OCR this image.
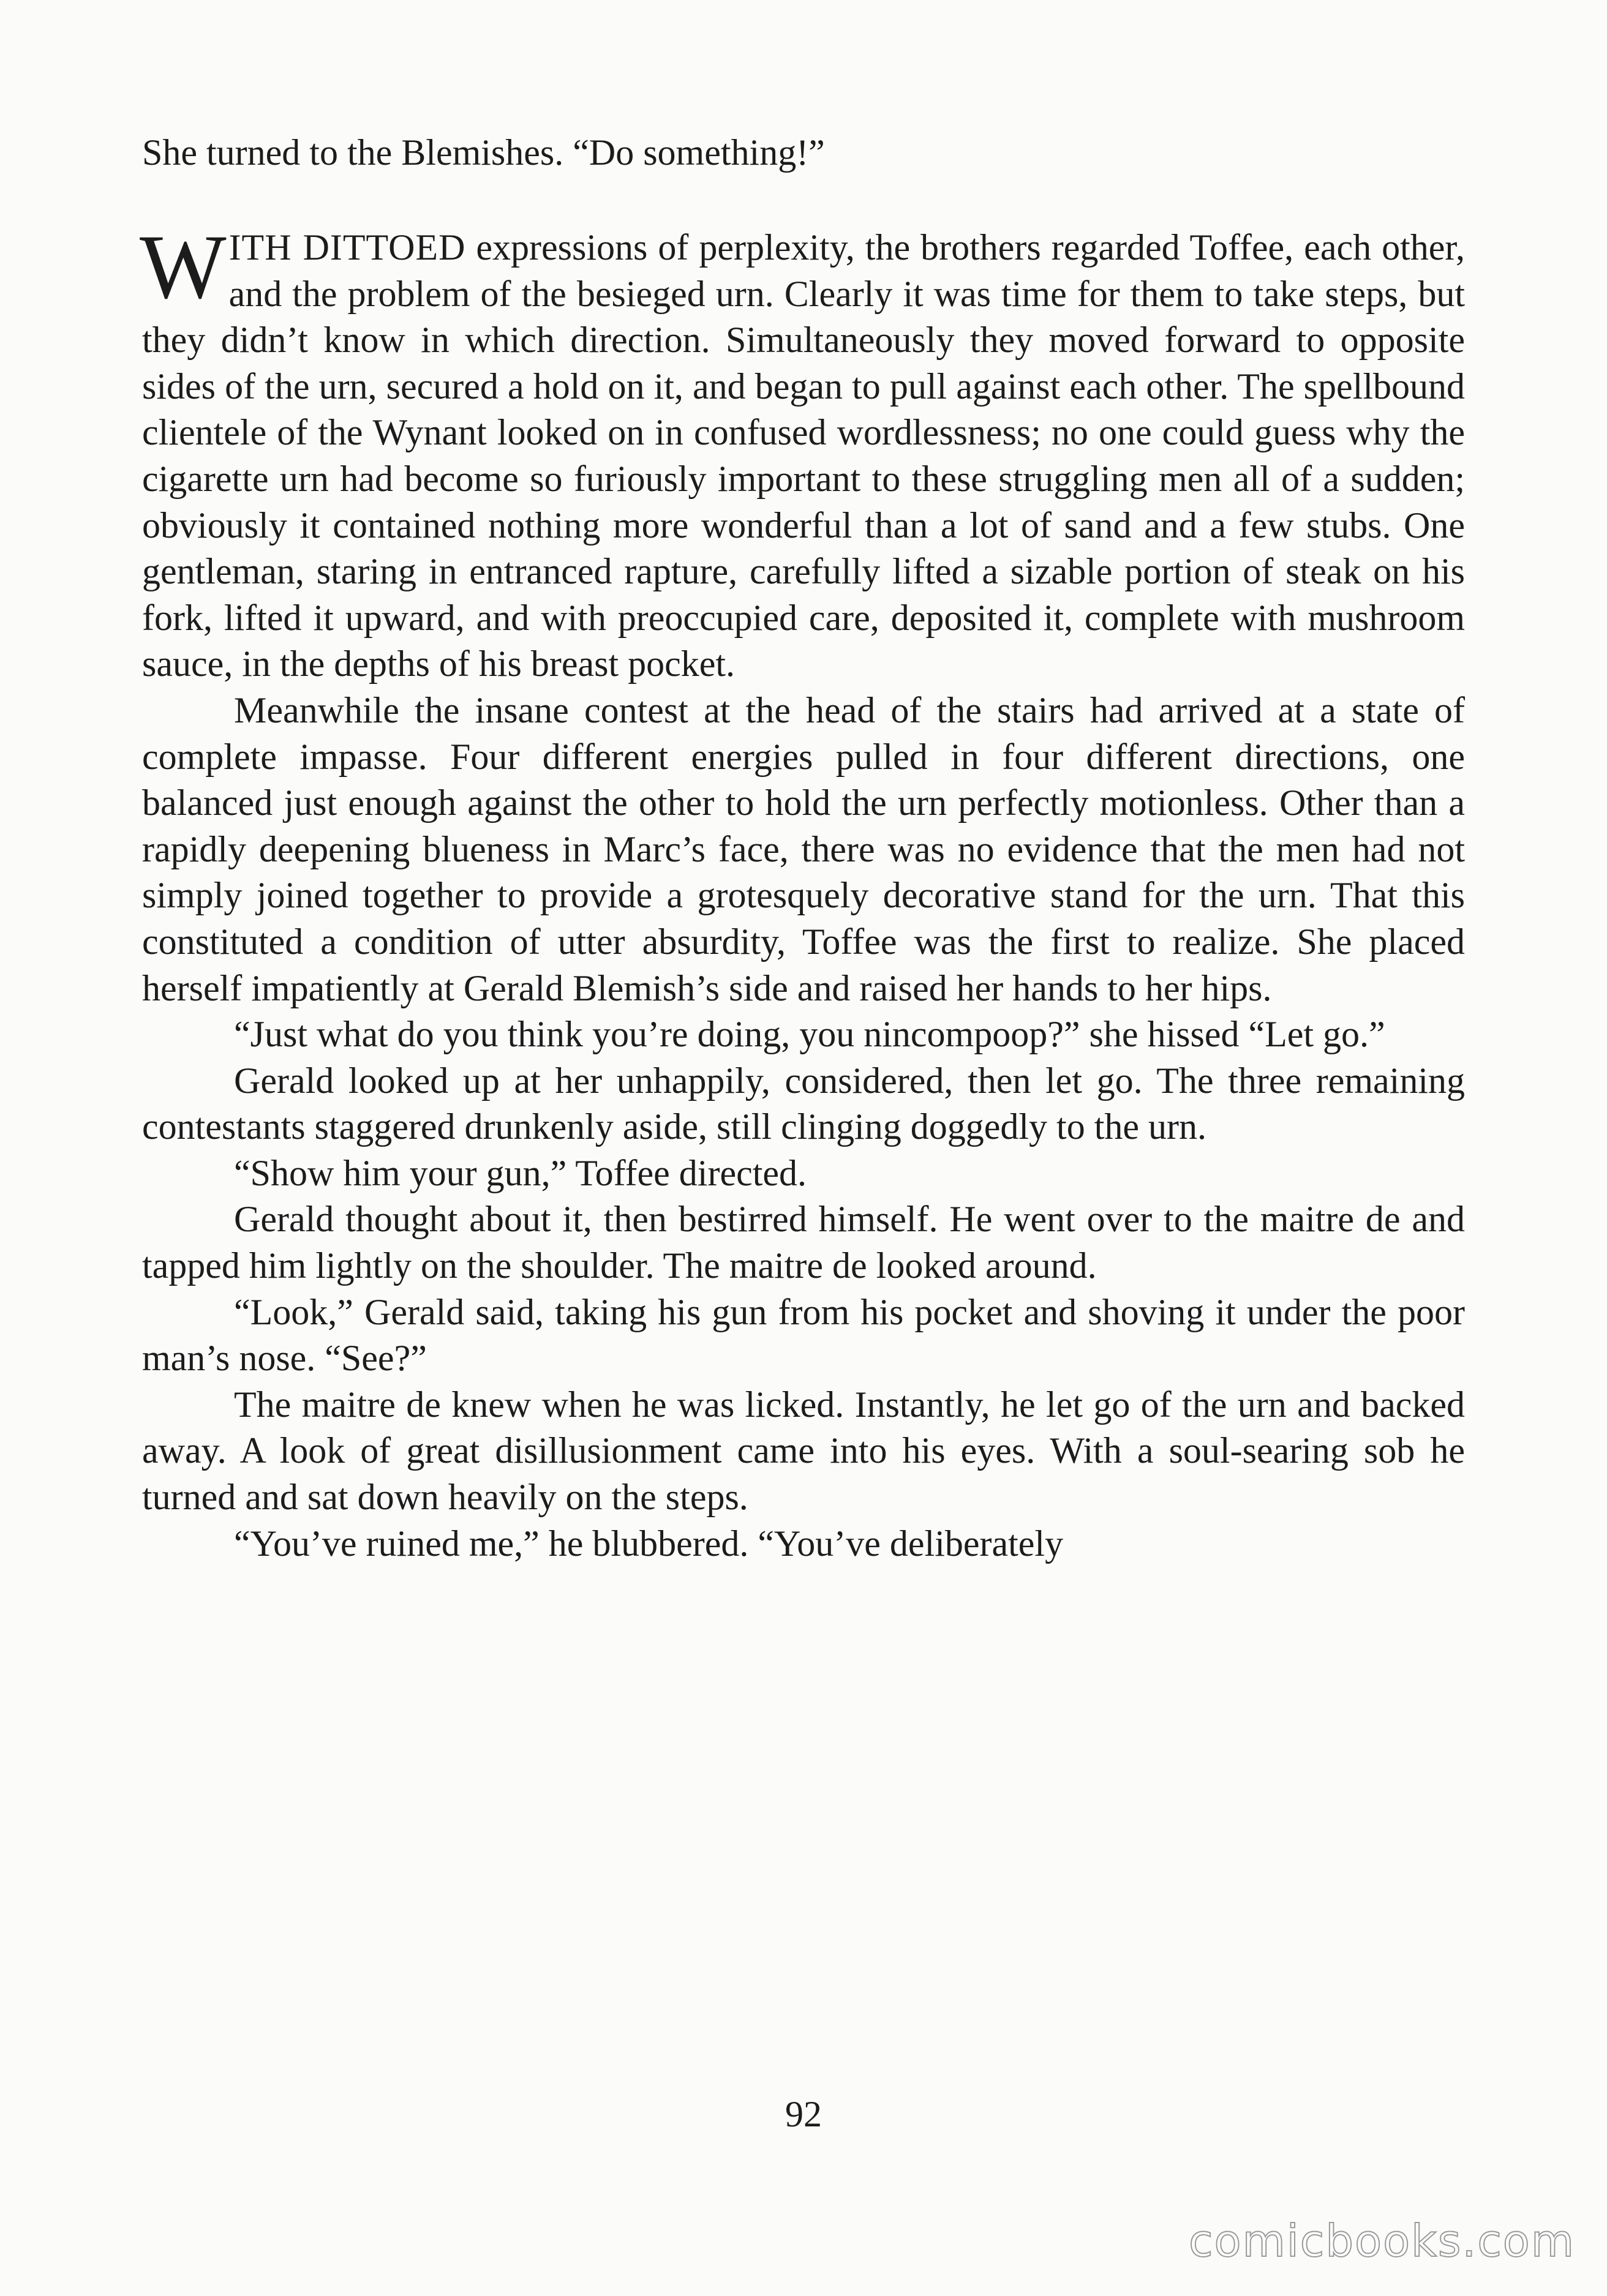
She turned to the Blemishes. “Do something!”

WITH DITTOED expressions of perplexity, the brothers regarded Toffee, each other, and the problem of the besieged urn. Clearly it was time for them to take steps, but they didn’t know in which direction. Simultaneously they moved forward to opposite sides of the urn, secured a hold on it, and began to pull against each other. The spellbound clientele of the Wynant looked on in confused wordlessness; no one could guess why the cigarette urn had become so furiously important to these struggling men all of a sudden; obviously it contained nothing more wonderful than a lot of sand and a few stubs. One gentleman, staring in entranced rapture, carefully lifted a sizable portion of steak on his fork, lifted it upward, and with preoccupied care, deposited it, complete with mushroom sauce, in the depths of his breast pocket.

Meanwhile the insane contest at the head of the stairs had arrived at a state of complete impasse. Four different energies pulled in four different directions, one balanced just enough against the other to hold the urn perfectly motionless. Other than a rapidly deepening blueness in Marc’s face, there was no evidence that the men had not simply joined together to provide a grotesquely decorative stand for the urn. That this constituted a condition of utter absurdity, Toffee was the first to realize. She placed herself impatiently at Gerald Blemish’s side and raised her hands to her hips.

“Just what do you think you’re doing, you nincompoop?” she hissed “Let go.”

Gerald looked up at her unhappily, considered, then let go. The three remaining contestants staggered drunkenly aside, still clinging doggedly to the urn.

“Show him your gun,” Toffee directed.

Gerald thought about it, then bestirred himself. He went over to the maitre de and tapped him lightly on the shoulder. The maitre de looked around.

“Look,” Gerald said, taking his gun from his pocket and shoving it under the poor man’s nose. “See?”

The maitre de knew when he was licked. Instantly, he let go of the urn and backed away. A look of great disillusionment came into his eyes. With a soul-searing sob he turned and sat down heavily on the steps.

“You’ve ruined me,” he blubbered. “You’ve deliberately

92
comicbooks.com
